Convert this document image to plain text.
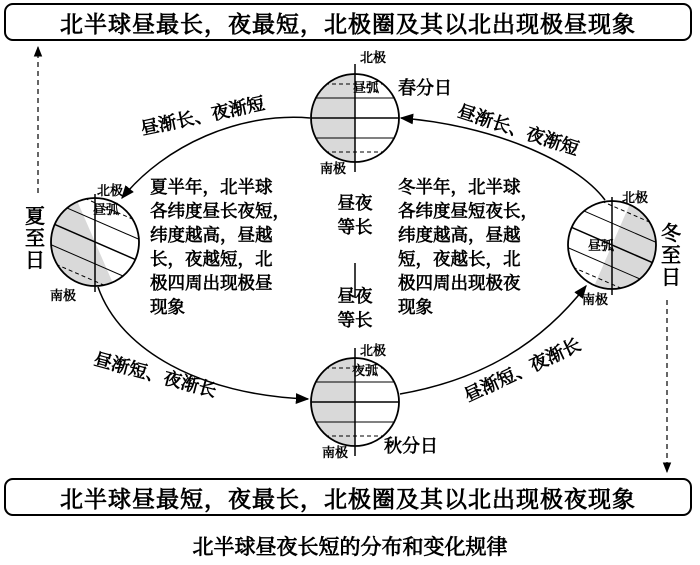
北半球昼最长，夜最短，北极圈及其以北出现极昼现象
北半球昼最短，夜最长，北极圈及其以北出现极夜现象
春分日
秋分日
夏
至
日
冬
至
日
昼渐长、夜渐短	昼渐长、夜渐短
昼渐短、夜渐长	昼渐短、夜渐长
北极
昼弧
南极
北极
昼弧
南极
北极
夜弧
南极
北极
昼弧
南极
夏半年，北半球
各纬度昼长夜短，
纬度越高，昼越
长，夜越短，北
极四周出现极昼
现象
冬半年，北半球
各纬度昼短夜长，
纬度越高，昼越
短，夜越长，北
极四周出现极夜
现象
昼夜
等长
昼夜
等长
北半球昼夜长短的分布和变化规律
